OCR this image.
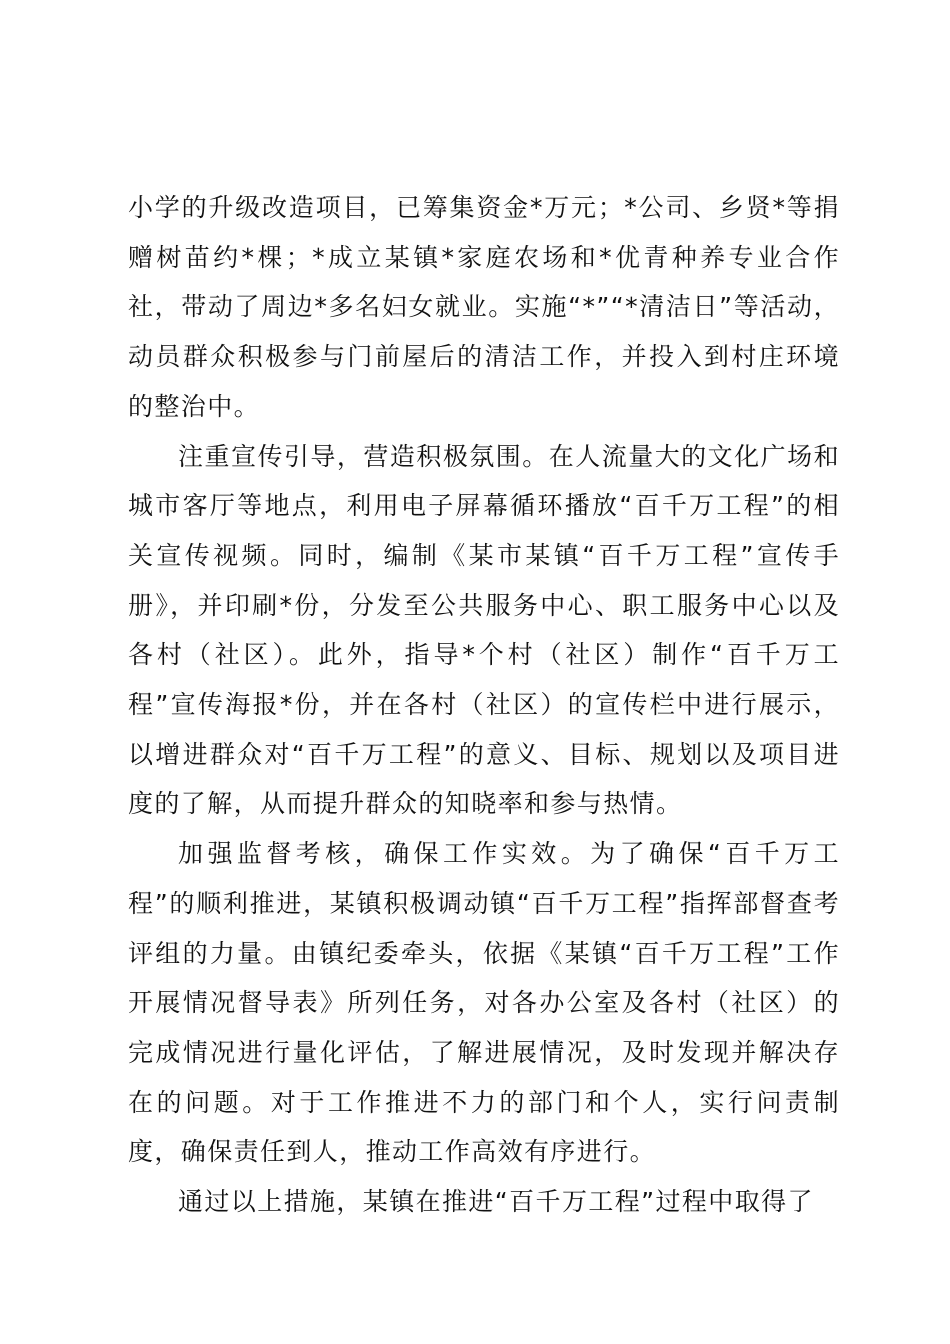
小学的升级改造项目，已筹集资金*万元；*公司、乡贤*等捐赠树苗约*棵；*成立某镇*家庭农场和*优青种养专业合作社，带动了周边*多名妇女就业。实施“*”“*清洁日”等活动，动员群众积极参与门前屋后的清洁工作，并投入到村庄环境的整治中。

注重宣传引导，营造积极氛围。在人流量大的文化广场和城市客厅等地点，利用电子屏幕循环播放“百千万工程”的相关宣传视频。同时，编制《某市某镇“百千万工程”宣传手册》，并印刷*份，分发至公共服务中心、职工服务中心以及各村（社区）。此外，指导*个村（社区）制作“百千万工程”宣传海报*份，并在各村（社区）的宣传栏中进行展示，以增进群众对“百千万工程”的意义、目标、规划以及项目进度的了解，从而提升群众的知晓率和参与热情。

加强监督考核，确保工作实效。为了确保“百千万工程”的顺利推进，某镇积极调动镇“百千万工程”指挥部督查考评组的力量。由镇纪委牵头，依据《某镇“百千万工程”工作开展情况督导表》所列任务，对各办公室及各村（社区）的完成情况进行量化评估，了解进展情况，及时发现并解决存在的问题。对于工作推进不力的部门和个人，实行问责制度，确保责任到人，推动工作高效有序进行。

通过以上措施，某镇在推进“百千万工程”过程中取得了
